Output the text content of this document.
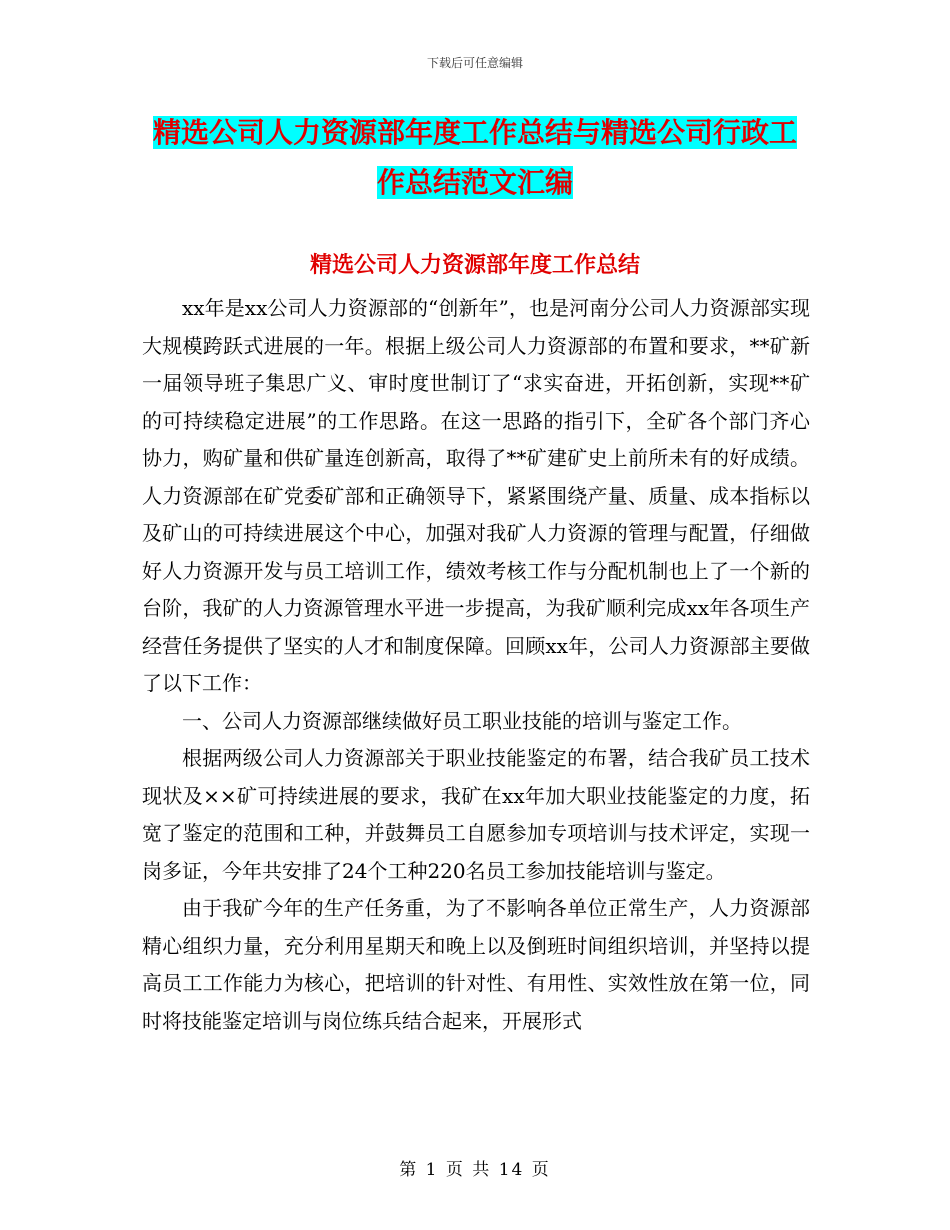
下载后可任意编辑
精选公司人力资源部年度工作总结与精选公司行政工作总结范文汇编
精选公司人力资源部年度工作总结

xx年是xx公司人力资源部的“创新年”，也是河南分公司人力资源部实现大规模跨跃式进展的一年。根据上级公司人力资源部的布置和要求，**矿新一届领导班子集思广义、审时度世制订了“求实奋进，开拓创新，实现**矿的可持续稳定进展”的工作思路。在这一思路的指引下，全矿各个部门齐心协力，购矿量和供矿量连创新高，取得了**矿建矿史上前所未有的好成绩。人力资源部在矿党委矿部和正确领导下，紧紧围绕产量、质量、成本指标以及矿山的可持续进展这个中心，加强对我矿人力资源的管理与配置，仔细做好人力资源开发与员工培训工作，绩效考核工作与分配机制也上了一个新的台阶，我矿的人力资源管理水平进一步提高，为我矿顺利完成xx年各项生产经营任务提供了坚实的人才和制度保障。回顾xx年，公司人力资源部主要做了以下工作：

一、公司人力资源部继续做好员工职业技能的培训与鉴定工作。

根据两级公司人力资源部关于职业技能鉴定的布署，结合我矿员工技术现状及××矿可持续进展的要求，我矿在xx年加大职业技能鉴定的力度，拓宽了鉴定的范围和工种，并鼓舞员工自愿参加专项培训与技术评定，实现一岗多证，今年共安排了24个工种220名员工参加技能培训与鉴定。

由于我矿今年的生产任务重，为了不影响各单位正常生产，人力资源部精心组织力量，充分利用星期天和晚上以及倒班时间组织培训，并坚持以提高员工工作能力为核心，把培训的针对性、有用性、实效性放在第一位，同时将技能鉴定培训与岗位练兵结合起来，开展形式

第 1 页 共 14 页
